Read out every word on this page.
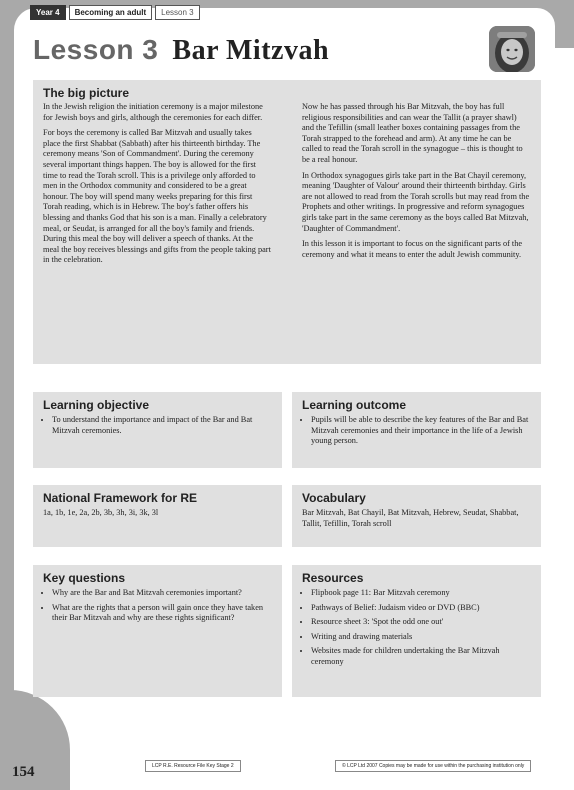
Year 4	Becoming an adult	Lesson 3
Lesson 3 Bar Mitzvah
The big picture

In the Jewish religion the initiation ceremony is a major milestone for Jewish boys and girls, although the ceremonies for each differ.

For boys the ceremony is called Bar Mitzvah and usually takes place the first Shabbat (Sabbath) after his thirteenth birthday. The ceremony means 'Son of Commandment'. During the ceremony several important things happen. The boy is allowed for the first time to read the Torah scroll. This is a privilege only afforded to men in the Orthodox community and considered to be a great honour. The boy will spend many weeks preparing for this first Torah reading, which is in Hebrew. The boy's father offers his blessing and thanks God that his son is a man. Finally a celebratory meal, or Seudat, is arranged for all the boy's family and friends. During this meal the boy will deliver a speech of thanks. At the meal the boy receives blessings and gifts from the people taking part in the celebration.

Now he has passed through his Bar Mitzvah, the boy has full religious responsibilities and can wear the Tallit (a prayer shawl) and the Tefillin (small leather boxes containing passages from the Torah strapped to the forehead and arm). At any time he can be called to read the Torah scroll in the synagogue – this is thought to be a real honour.

In Orthodox synagogues girls take part in the Bat Chayil ceremony, meaning 'Daughter of Valour' around their thirteenth birthday. Girls are not allowed to read from the Torah scrolls but may read from the Prophets and other writings. In progressive and reform synagogues girls take part in the same ceremony as the boys called Bat Mitzvah, 'Daughter of Commandment'.

In this lesson it is important to focus on the significant parts of the ceremony and what it means to enter the adult Jewish community.

Learning objective
• To understand the importance and impact of the Bar and Bat Mitzvah ceremonies.
Learning outcome
• Pupils will be able to describe the key features of the Bar and Bat Mitzvah ceremonies and their importance in the life of a Jewish young person.
National Framework for RE

1a, 1b, 1e, 2a, 2b, 3b, 3h, 3i, 3k, 3l

Vocabulary

Bar Mitzvah, Bat Chayil, Bat Mitzvah, Hebrew, Seudat, Shabbat, Tallit, Tefillin, Torah scroll

Key questions
• Why are the Bar and Bat Mitzvah ceremonies important?
• What are the rights that a person will gain once they have taken their Bar Mitzvah and why are these rights significant?
Resources
• Flipbook page 11: Bar Mitzvah ceremony
• Pathways of Belief: Judaism video or DVD (BBC)
• Resource sheet 3: 'Spot the odd one out'
• Writing and drawing materials
• Websites made for children undertaking the Bar Mitzvah ceremony
154	LCP R.E. Resource File Key Stage 2	© LCP Ltd 2007 Copies may be made for use within the purchasing institution only
